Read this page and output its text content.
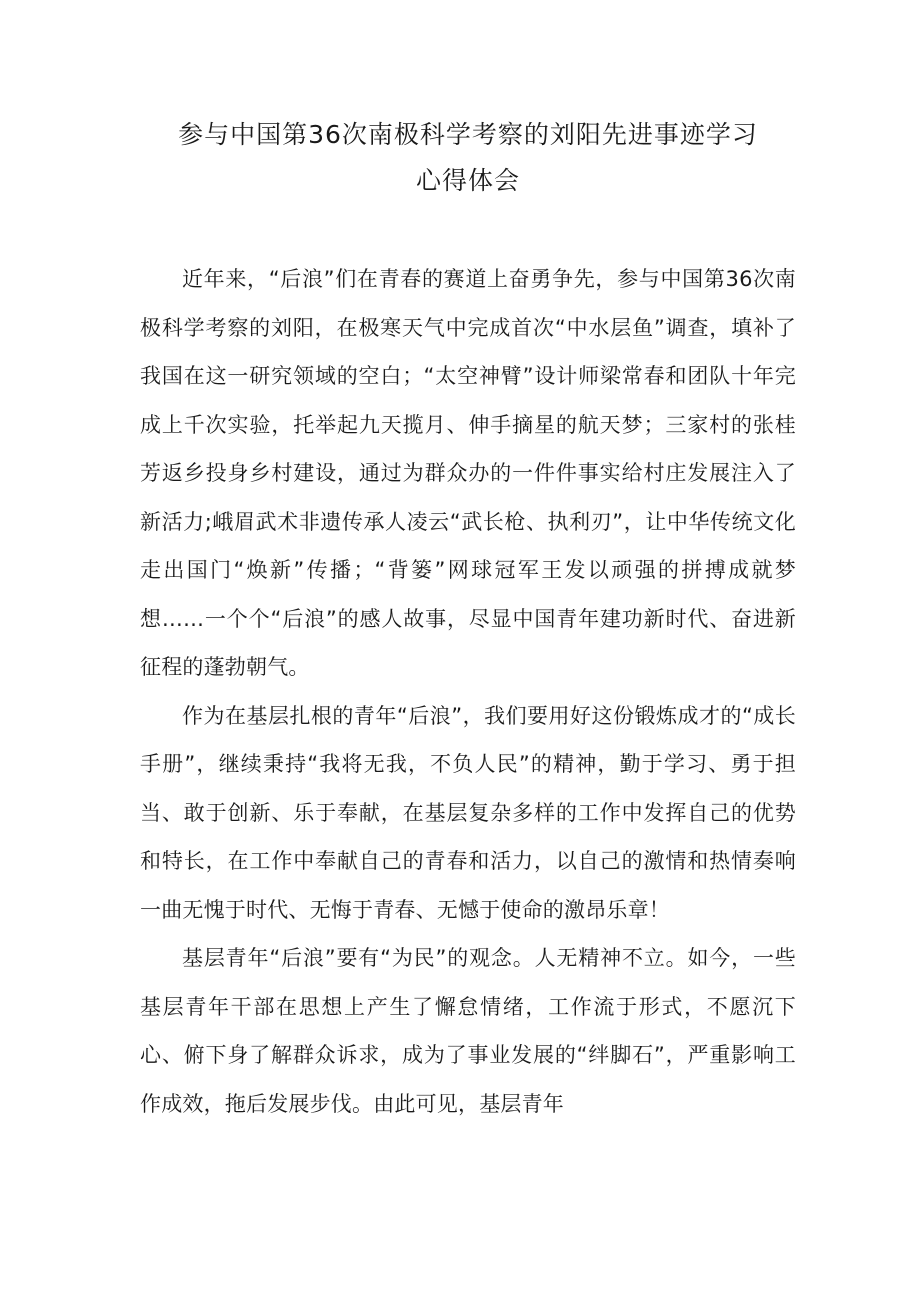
参与中国第36次南极科学考察的刘阳先进事迹学习
心得体会

近年来，“后浪”们在青春的赛道上奋勇争先，参与中国第36次南极科学考察的刘阳，在极寒天气中完成首次“中水层鱼”调查，填补了我国在这一研究领域的空白；“太空神臂”设计师梁常春和团队十年完成上千次实验，托举起九天揽月、伸手摘星的航天梦；三家村的张桂芳返乡投身乡村建设，通过为群众办的一件件事实给村庄发展注入了新活力;峨眉武术非遗传承人凌云“武长枪、执利刃”，让中华传统文化走出国门“焕新”传播；“背篓”网球冠军王发以顽强的拼搏成就梦想……一个个“后浪”的感人故事，尽显中国青年建功新时代、奋进新征程的蓬勃朝气。

作为在基层扎根的青年“后浪”，我们要用好这份锻炼成才的“成长手册”，继续秉持“我将无我，不负人民”的精神，勤于学习、勇于担当、敢于创新、乐于奉献，在基层复杂多样的工作中发挥自己的优势和特长，在工作中奉献自己的青春和活力，以自己的激情和热情奏响一曲无愧于时代、无悔于青春、无憾于使命的激昂乐章！

基层青年“后浪”要有“为民”的观念。人无精神不立。如今，一些基层青年干部在思想上产生了懈怠情绪，工作流于形式，不愿沉下心、俯下身了解群众诉求，成为了事业发展的“绊脚石”，严重影响工作成效，拖后发展步伐。由此可见，基层青年
